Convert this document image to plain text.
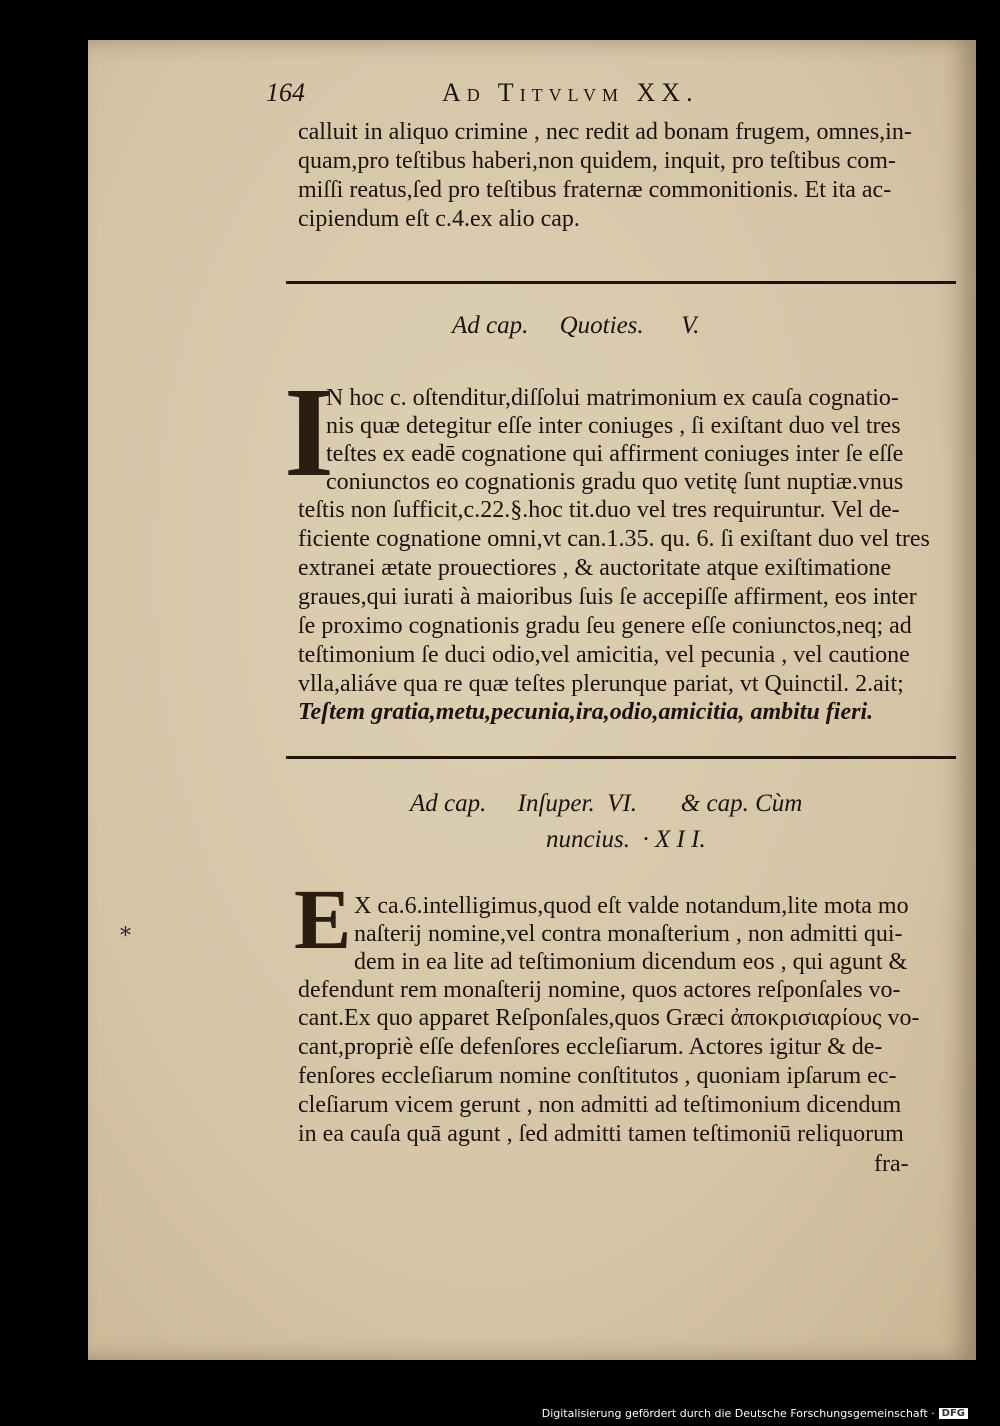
164	Ad Titvlvm XX.
calluit in aliquo crimine , nec redit ad bonam frugem, omnes,in-
quam,pro teſtibus haberi,non quidem, inquit, pro teſtibus com-
miſſi reatus,ſed pro teſtibus fraternæ commonitionis. Et ita ac-
cipiendum eſt c.4.ex alio cap.
Ad cap.     Quoties.      V.
I
N hoc c. oſtenditur,diſſolui matrimonium ex cauſa cognatio-
nis quæ detegitur eſſe inter coniuges , ſi exiſtant duo vel tres
teſtes ex eadē cognatione qui affirment coniuges inter ſe eſſe
coniunctos eo cognationis gradu quo vetitę ſunt nuptiæ.vnus
teſtis non ſufficit,c.22.§.hoc tit.duo vel tres requiruntur. Vel de-
ficiente cognatione omni,vt can.1.35. qu. 6. ſi exiſtant duo vel tres
extranei ætate prouectiores , & auctoritate atque exiſtimatione
graues,qui iurati à maioribus ſuis ſe accepiſſe affirment, eos inter
ſe proximo cognationis gradu ſeu genere eſſe coniunctos,neq; ad
teſtimonium ſe duci odio,vel amicitia, vel pecunia , vel cautione
vlla,aliáve qua re quæ teſtes plerunque pariat, vt Quinctil. 2.ait;
Teſtem gratia,metu,pecunia,ira,odio,amicitia, ambitu fieri.
Ad cap.     Inſuper.  VI.       & cap. Cùm
nuncius.  · X I I.
E
*
X ca.6.intelligimus,quod eſt valde notandum,lite mota mo
naſterij nomine,vel contra monaſterium , non admitti qui-
dem in ea lite ad teſtimonium dicendum eos , qui agunt &
defendunt rem monaſterij nomine, quos actores reſponſales vo-
cant.Ex quo apparet Reſponſales,quos Græci ἀποκρισιαρίους vo-
cant,propriè eſſe defenſores eccleſiarum. Actores igitur & de-
fenſores eccleſiarum nomine conſtitutos , quoniam ipſarum ec-
cleſiarum vicem gerunt , non admitti ad teſtimonium dicendum
in ea cauſa quā agunt , ſed admitti tamen teſtimoniū reliquorum
fra-
Digitalisierung gefördert durch die Deutsche Forschungsgemeinschaft · DFG
